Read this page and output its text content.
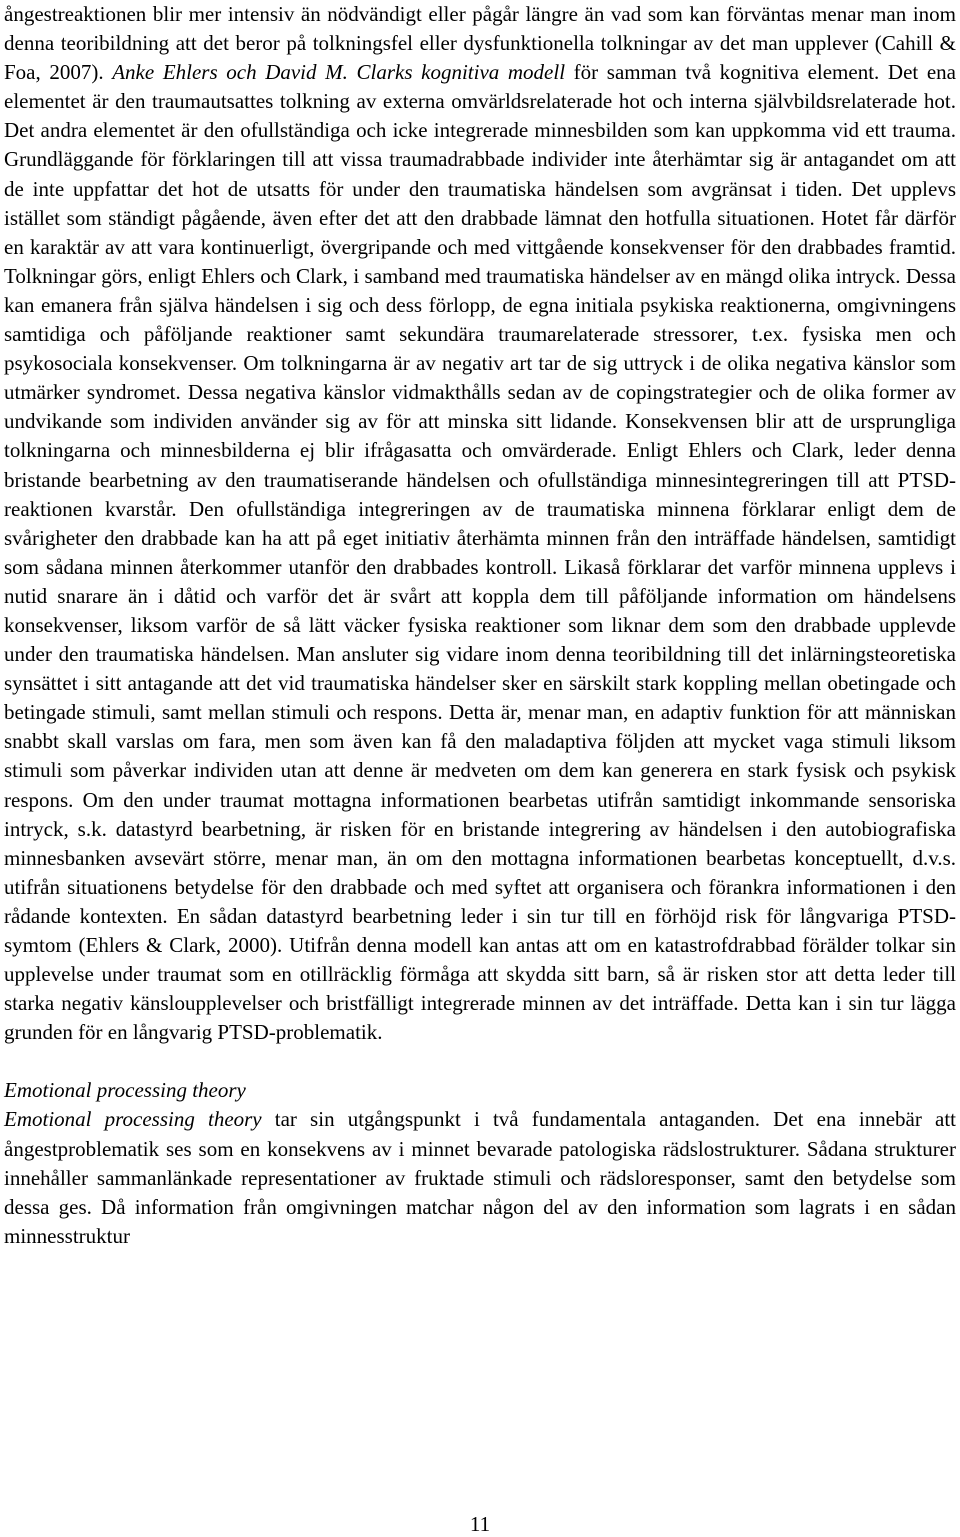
ångestreaktionen blir mer intensiv än nödvändigt eller pågår längre än vad som kan förväntas menar man inom denna teoribildning att det beror på tolkningsfel eller dysfunktionella tolkningar av det man upplever (Cahill & Foa, 2007). Anke Ehlers och David M. Clarks kognitiva modell för samman två kognitiva element. Det ena elementet är den traumautsattes tolkning av externa omvärldsrelaterade hot och interna självbildsrelaterade hot. Det andra elementet är den ofullständiga och icke integrerade minnesbilden som kan uppkomma vid ett trauma. Grundläggande för förklaringen till att vissa traumadrabbade individer inte återhämtar sig är antagandet om att de inte uppfattar det hot de utsatts för under den traumatiska händelsen som avgränsat i tiden. Det upplevs istället som ständigt pågående, även efter det att den drabbade lämnat den hotfulla situationen. Hotet får därför en karaktär av att vara kontinuerligt, övergripande och med vittgående konsekvenser för den drabbades framtid. Tolkningar görs, enligt Ehlers och Clark, i samband med traumatiska händelser av en mängd olika intryck. Dessa kan emanera från själva händelsen i sig och dess förlopp, de egna initiala psykiska reaktionerna, omgivningens samtidiga och påföljande reaktioner samt sekundära traumarelaterade stressorer, t.ex. fysiska men och psykosociala konsekvenser. Om tolkningarna är av negativ art tar de sig uttryck i de olika negativa känslor som utmärker syndromet. Dessa negativa känslor vidmakthålls sedan av de copingstrategier och de olika former av undvikande som individen använder sig av för att minska sitt lidande. Konsekvensen blir att de ursprungliga tolkningarna och minnesbilderna ej blir ifrågasatta och omvärderade. Enligt Ehlers och Clark, leder denna bristande bearbetning av den traumatiserande händelsen och ofullständiga minnesintegreringen till att PTSD-reaktionen kvarstår. Den ofullständiga integreringen av de traumatiska minnena förklarar enligt dem de svårigheter den drabbade kan ha att på eget initiativ återhämta minnen från den inträffade händelsen, samtidigt som sådana minnen återkommer utanför den drabbades kontroll. Likaså förklarar det varför minnena upplevs i nutid snarare än i dåtid och varför det är svårt att koppla dem till påföljande information om händelsens konsekvenser, liksom varför de så lätt väcker fysiska reaktioner som liknar dem som den drabbade upplevde under den traumatiska händelsen. Man ansluter sig vidare inom denna teoribildning till det inlärningsteoretiska synsättet i sitt antagande att det vid traumatiska händelser sker en särskilt stark koppling mellan obetingade och betingade stimuli, samt mellan stimuli och respons. Detta är, menar man, en adaptiv funktion för att människan snabbt skall varslas om fara, men som även kan få den maladaptiva följden att mycket vaga stimuli liksom stimuli som påverkar individen utan att denne är medveten om dem kan generera en stark fysisk och psykisk respons. Om den under traumat mottagna informationen bearbetas utifrån samtidigt inkommande sensoriska intryck, s.k. datastyrd bearbetning, är risken för en bristande integrering av händelsen i den autobiografiska minnesbanken avsevärt större, menar man, än om den mottagna informationen bearbetas konceptuellt, d.v.s. utifrån situationens betydelse för den drabbade och med syftet att organisera och förankra informationen i den rådande kontexten. En sådan datastyrd bearbetning leder i sin tur till en förhöjd risk för långvariga PTSD-symtom (Ehlers & Clark, 2000). Utifrån denna modell kan antas att om en katastrofdrabbad förälder tolkar sin upplevelse under traumat som en otillräcklig förmåga att skydda sitt barn, så är risken stor att detta leder till starka negativ känsloupplevelser och bristfälligt integrerade minnen av det inträffade. Detta kan i sin tur lägga grunden för en långvarig PTSD-problematik.

Emotional processing theory

Emotional processing theory tar sin utgångspunkt i två fundamentala antaganden. Det ena innebär att ångestproblematik ses som en konsekvens av i minnet bevarade patologiska rädslostrukturer. Sådana strukturer innehåller sammanlänkade representationer av fruktade stimuli och rädsloresponser, samt den betydelse som dessa ges. Då information från omgivningen matchar någon del av den information som lagrats i en sådan minnesstruktur

11
